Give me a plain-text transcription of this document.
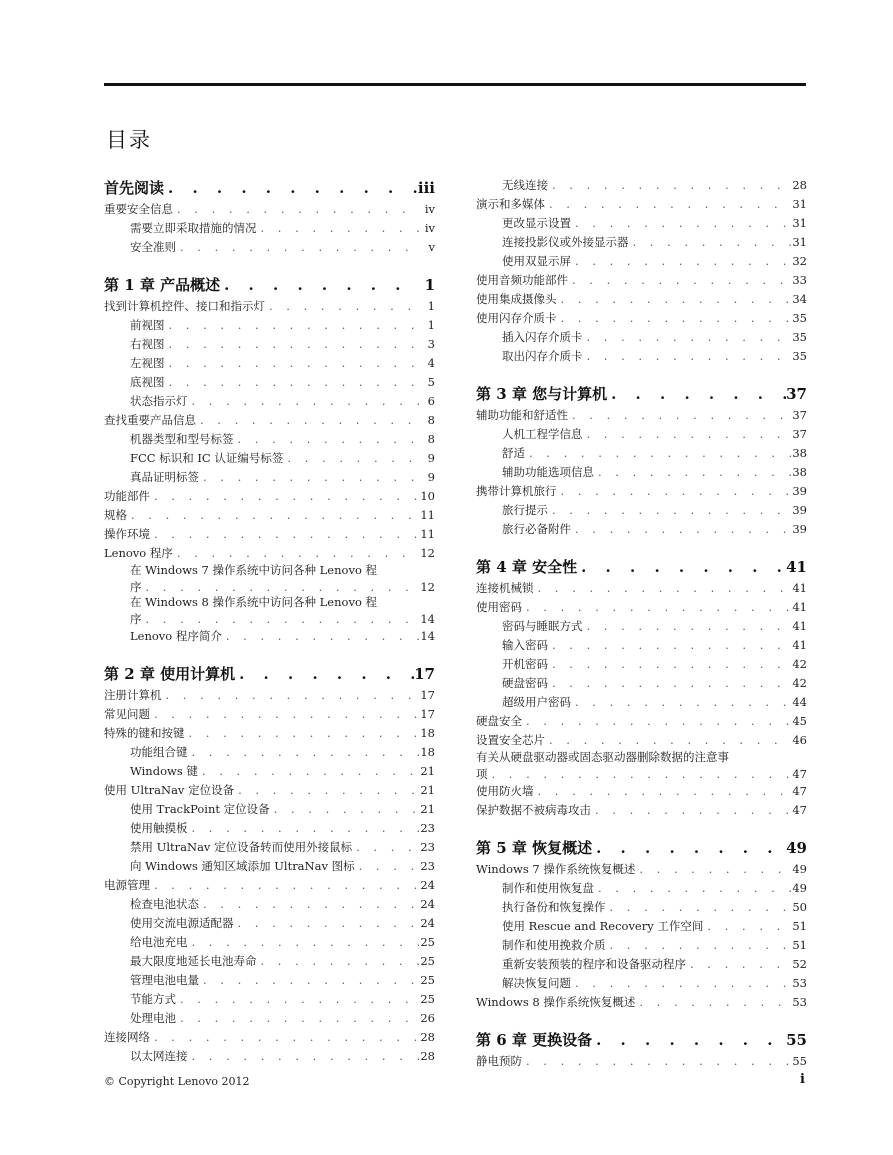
目录
首先阅读 . . .	iii
重要安全信息 . . .	iv
需要立即采取措施的情况 . . .	iv
安全准则 . . .	v
第 1 章 产品概述 . . .	1
找到计算机控件、接口和指示灯 . . .	1
前视图 . . .	1
右视图 . . .	3
左视图 . . .	4
底视图 . . .	5
状态指示灯 . . .	6
查找重要产品信息 . . .	8
机器类型和型号标签 . . .	8
FCC 标识和 IC 认证编号标签 . . .	9
真品证明标签 . . .	9
功能部件 . . .	10
规格 . . .	11
操作环境 . . .	11
Lenovo 程序 . . .	12
在 Windows 7 操作系统中访问各种 Lenovo 程
序 . . .	12
在 Windows 8 操作系统中访问各种 Lenovo 程
序 . . .	14
Lenovo 程序简介 . . .	14
第 2 章 使用计算机 . . .	17
注册计算机 . . .	17
常见问题 . . .	17
特殊的键和按键 . . .	18
功能组合键 . . .	18
Windows 键 . . .	21
使用 UltraNav 定位设备 . . .	21
使用 TrackPoint 定位设备 . . .	21
使用触摸板 . . .	23
禁用 UltraNav 定位设备转而使用外接鼠标 . . .	23
向 Windows 通知区域添加 UltraNav 图标 . . .	23
电源管理 . . .	24
检查电池状态 . . .	24
使用交流电源适配器 . . .	24
给电池充电 . . .	25
最大限度地延长电池寿命 . . .	25
管理电池电量 . . .	25
节能方式 . . .	25
处理电池 . . .	26
连接网络 . . .	28
以太网连接 . . .	28
无线连接 . . .	28
演示和多媒体 . . .	31
更改显示设置 . . .	31
连接投影仪或外接显示器 . . .	31
使用双显示屏 . . .	32
使用音频功能部件 . . .	33
使用集成摄像头 . . .	34
使用闪存介质卡 . . .	35
插入闪存介质卡 . . .	35
取出闪存介质卡 . . .	35
第 3 章 您与计算机 . . .	37
辅助功能和舒适性 . . .	37
人机工程学信息 . . .	37
舒适 . . .	38
辅助功能选项信息 . . .	38
携带计算机旅行 . . .	39
旅行提示 . . .	39
旅行必备附件 . . .	39
第 4 章 安全性 . . .	41
连接机械锁 . . .	41
使用密码 . . .	41
密码与睡眠方式 . . .	41
输入密码 . . .	41
开机密码 . . .	42
硬盘密码 . . .	42
超级用户密码 . . .	44
硬盘安全 . . .	45
设置安全芯片 . . .	46
有关从硬盘驱动器或固态驱动器删除数据的注意事
项 . . .	47
使用防火墙 . . .	47
保护数据不被病毒攻击 . . .	47
第 5 章 恢复概述 . . .	49
Windows 7 操作系统恢复概述 . . .	49
制作和使用恢复盘 . . .	49
执行备份和恢复操作 . . .	50
使用 Rescue and Recovery 工作空间 . . .	51
制作和使用挽救介质 . . .	51
重新安装预装的程序和设备驱动程序 . . .	52
解决恢复问题 . . .	53
Windows 8 操作系统恢复概述 . . .	53
第 6 章 更换设备 . . .	55
静电预防 . . .	55
© Copyright Lenovo 2012	i
